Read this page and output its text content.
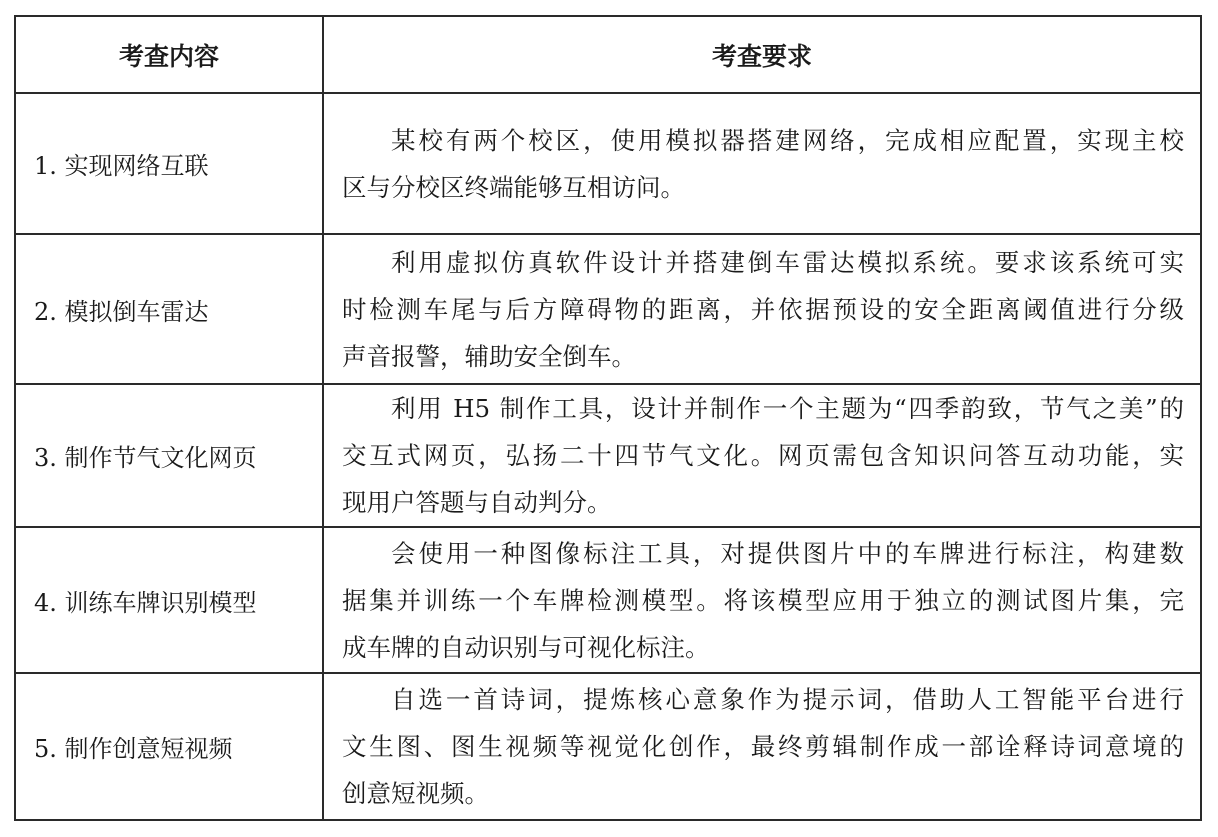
考查内容	考查要求
1. 实现网络互联	某校有两个校区，使用模拟器搭建网络，完成相应配置，实现主校
区与分校区终端能够互相访问。

2. 模拟倒车雷达	利用虚拟仿真软件设计并搭建倒车雷达模拟系统。要求该系统可实
时检测车尾与后方障碍物的距离，并依据预设的安全距离阈值进行分级
声音报警，辅助安全倒车。

3. 制作节气文化网页	利用 H5 制作工具，设计并制作一个主题为“四季韵致，节气之美”的
交互式网页，弘扬二十四节气文化。网页需包含知识问答互动功能，实
现用户答题与自动判分。

4. 训练车牌识别模型	会使用一种图像标注工具，对提供图片中的车牌进行标注，构建数
据集并训练一个车牌检测模型。将该模型应用于独立的测试图片集，完
成车牌的自动识别与可视化标注。

5. 制作创意短视频	自选一首诗词，提炼核心意象作为提示词，借助人工智能平台进行
文生图、图生视频等视觉化创作，最终剪辑制作成一部诠释诗词意境的
创意短视频。
